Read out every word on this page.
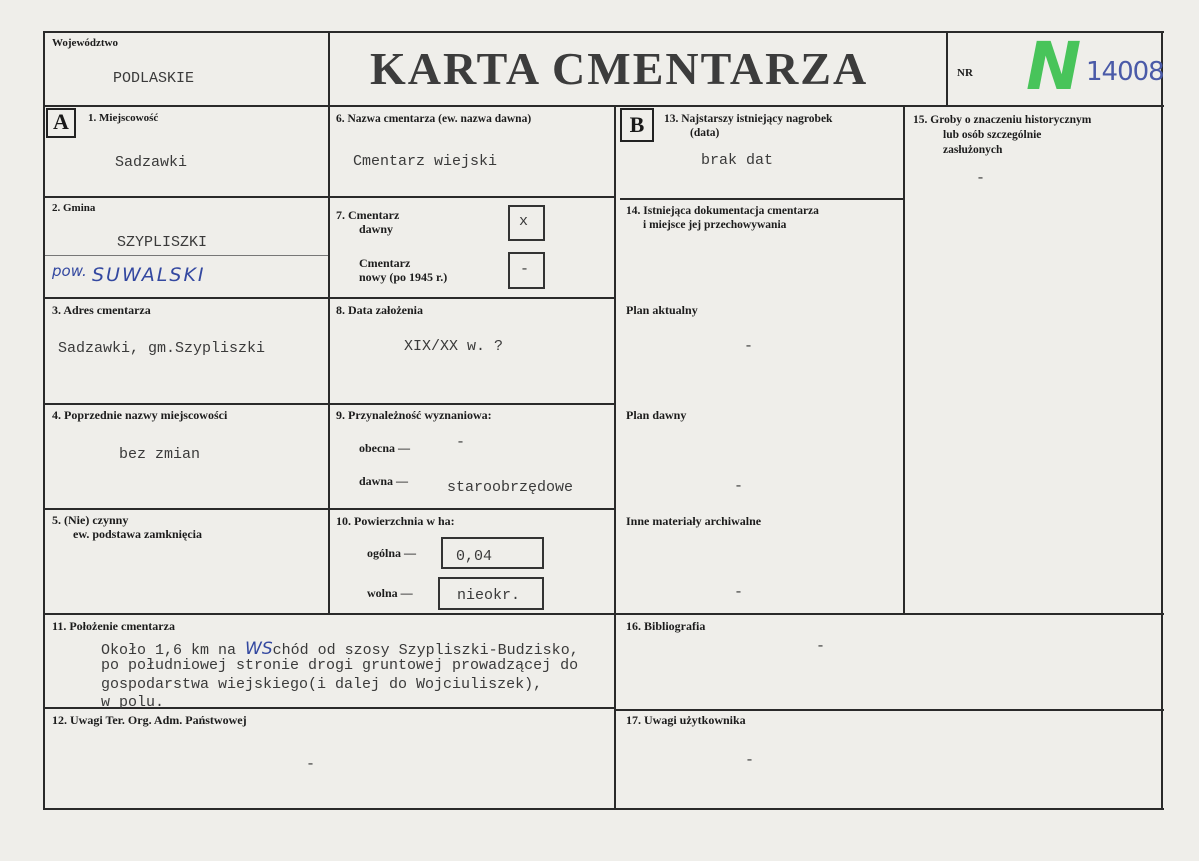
Województwo
PODLASKIE	KARTA CMENTARZA	NR N 14008
A	B
1. Miejscowość
Sadzawki
2. Gmina
SZYPLISZKI
pow. SUWALSKI
3. Adres cmentarza
Sadzawki, gm.Szypliszki
4. Poprzednie nazwy miejscowości
bez zmian
5. (Nie) czynny
ew. podstawa zamknięcia
6. Nazwa cmentarza (ew. nazwa dawna)
Cmentarz wiejski
7. Cmentarz
dawny	x
Cmentarz
nowy (po 1945 r.)	-
8. Data założenia
XIX/XX w. ?
9. Przynależność wyznaniowa:
obecna —	-
dawna —	staroobrzędowe
10. Powierzchnia w ha:
ogólna —	0,04
wolna —	nieokr.
11. Położenie cmentarza
Około 1,6 km na WSchód od szosy Szypliszki-Budzisko,
po południowej stronie drogi gruntowej prowadzącej do
gospodarstwa wiejskiego(i dalej do Wojciuliszek),
w polu.
12. Uwagi Ter. Org. Adm. Państwowej
-
13. Najstarszy istniejący nagrobek
(data)
brak dat
14. Istniejąca dokumentacja cmentarza
i miejsce jej przechowywania
Plan aktualny
-
Plan dawny
-
Inne materiały archiwalne
-
15. Groby o znaczeniu historycznym
lub osób szczególnie
zasłużonych
-
16. Bibliografia
-
17. Uwagi użytkownika
-
